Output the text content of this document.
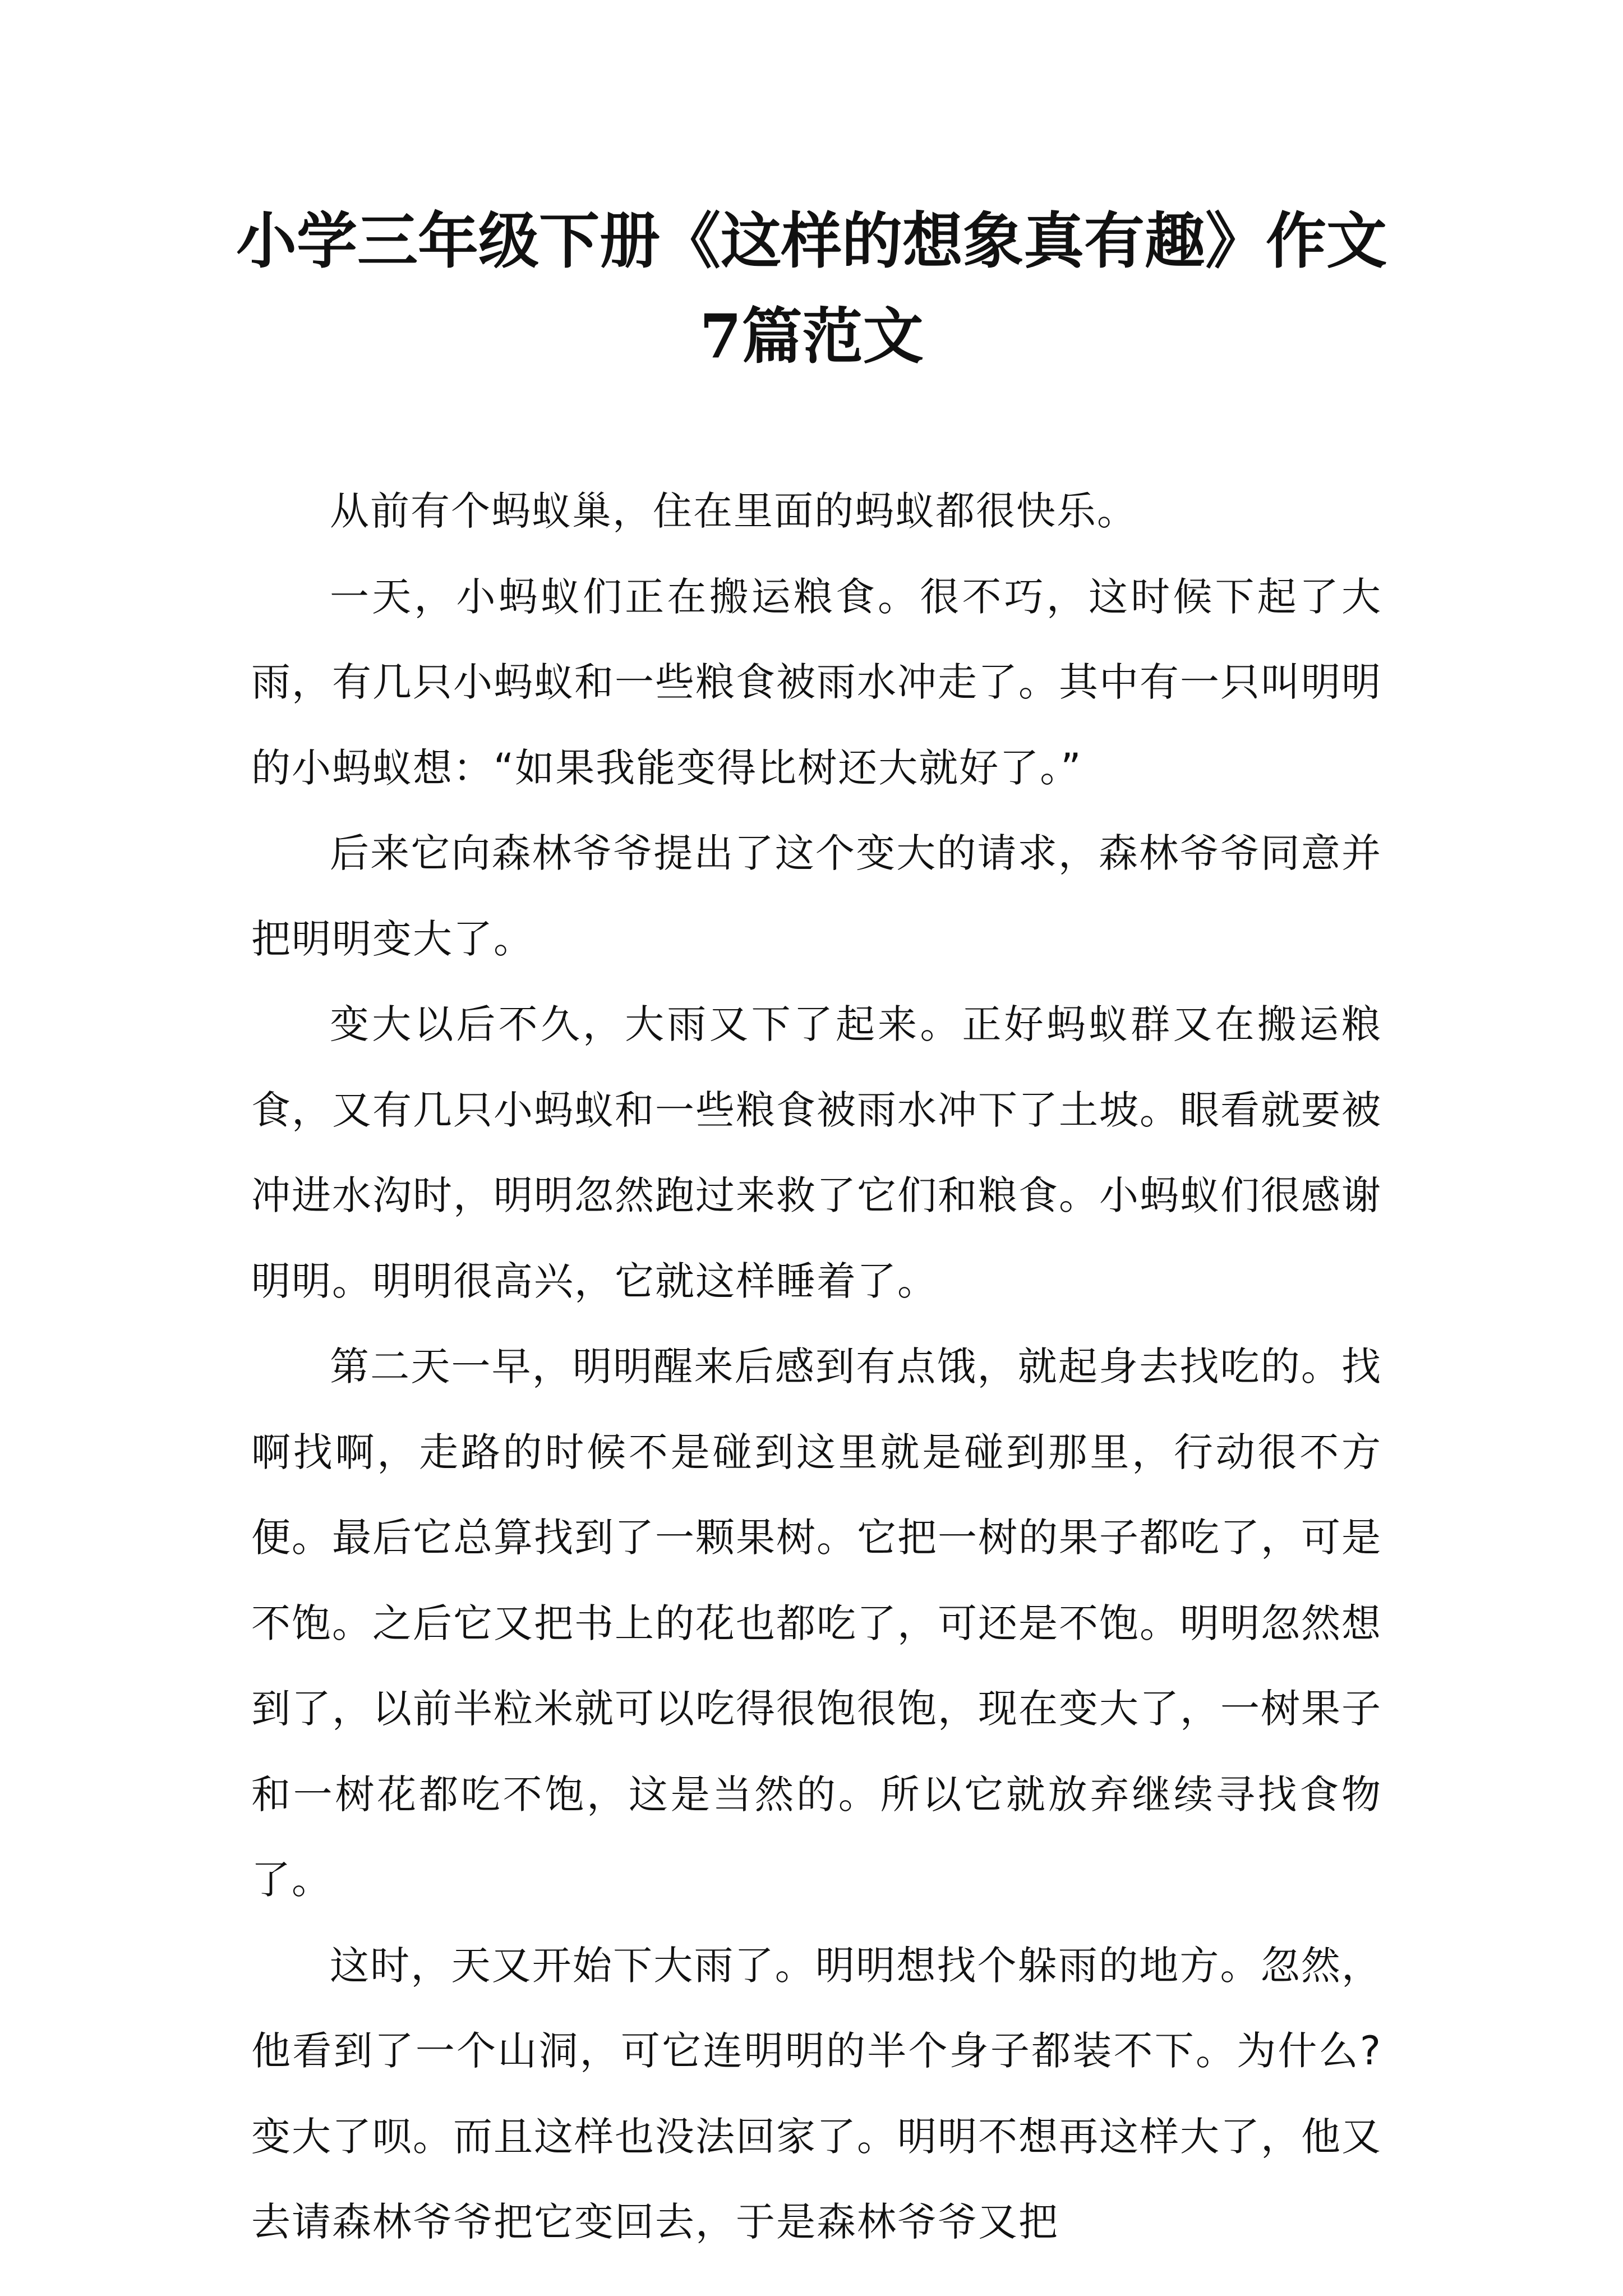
小学三年级下册《这样的想象真有趣》作文
7篇范文

从前有个蚂蚁巢，住在里面的蚂蚁都很快乐。

一天，小蚂蚁们正在搬运粮食。很不巧，这时候下起了大雨，有几只小蚂蚁和一些粮食被雨水冲走了。其中有一只叫明明的小蚂蚁想：“如果我能变得比树还大就好了。”

后来它向森林爷爷提出了这个变大的请求，森林爷爷同意并把明明变大了。

变大以后不久，大雨又下了起来。正好蚂蚁群又在搬运粮食，又有几只小蚂蚁和一些粮食被雨水冲下了土坡。眼看就要被冲进水沟时，明明忽然跑过来救了它们和粮食。小蚂蚁们很感谢明明。明明很高兴，它就这样睡着了。

第二天一早，明明醒来后感到有点饿，就起身去找吃的。找啊找啊，走路的时候不是碰到这里就是碰到那里，行动很不方便。最后它总算找到了一颗果树。它把一树的果子都吃了，可是不饱。之后它又把书上的花也都吃了，可还是不饱。明明忽然想到了，以前半粒米就可以吃得很饱很饱，现在变大了，一树果子和一树花都吃不饱，这是当然的。所以它就放弃继续寻找食物了。

这时，天又开始下大雨了。明明想找个躲雨的地方。忽然，他看到了一个山洞，可它连明明的半个身子都装不下。为什么?变大了呗。而且这样也没法回家了。明明不想再这样大了，他又去请森林爷爷把它变回去，于是森林爷爷又把
